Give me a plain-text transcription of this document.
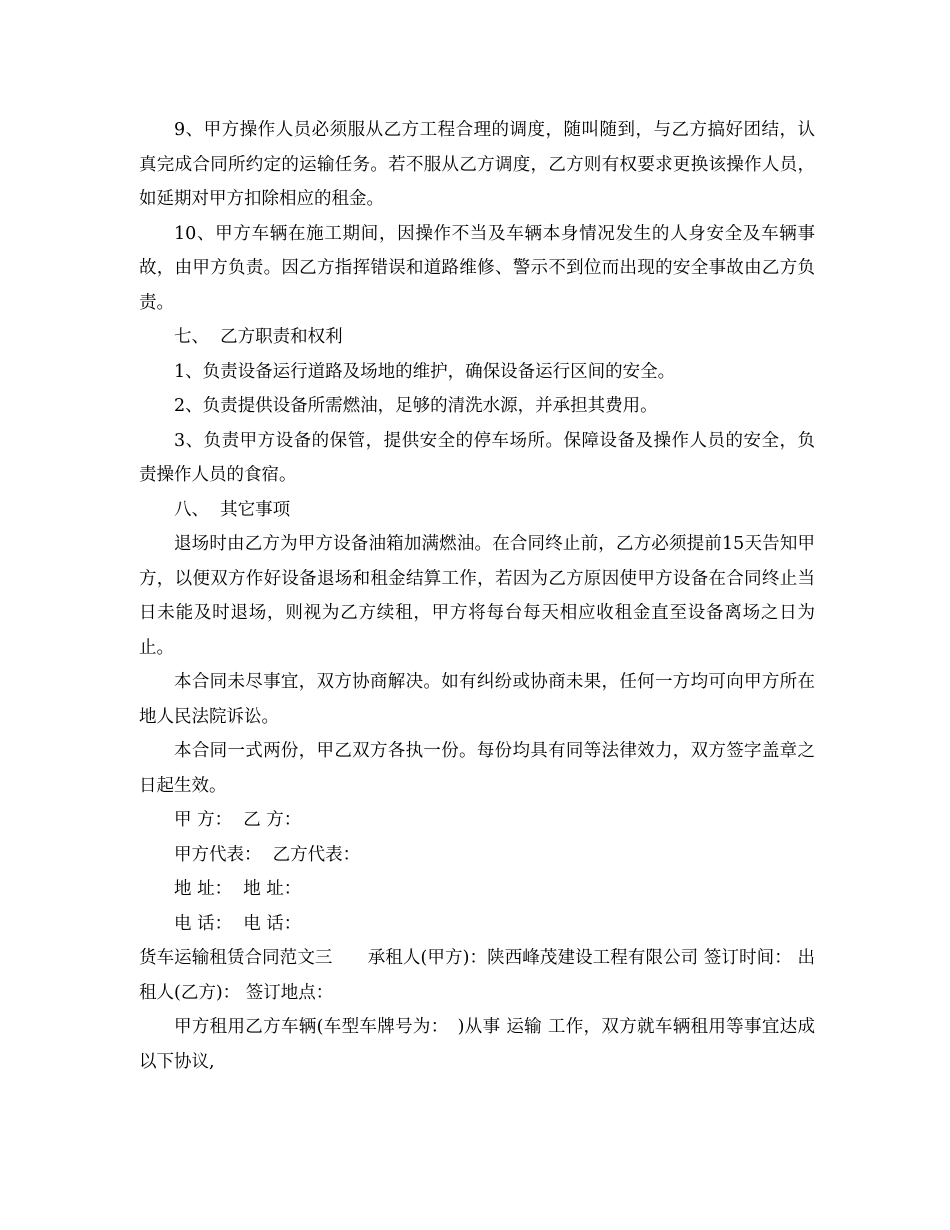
9、甲方操作人员必须服从乙方工程合理的调度，随叫随到，与乙方搞好团结，认真完成合同所约定的运输任务。若不服从乙方调度，乙方则有权要求更换该操作人员，如延期对甲方扣除相应的租金。

10、甲方车辆在施工期间，因操作不当及车辆本身情况发生的人身安全及车辆事故，由甲方负责。因乙方指挥错误和道路维修、警示不到位而出现的安全事故由乙方负责。

七、  乙方职责和权利

1、负责设备运行道路及场地的维护，确保设备运行区间的安全。

2、负责提供设备所需燃油，足够的清洗水源，并承担其费用。

3、负责甲方设备的保管，提供安全的停车场所。保障设备及操作人员的安全，负责操作人员的食宿。

八、  其它事项

退场时由乙方为甲方设备油箱加满燃油。在合同终止前，乙方必须提前15天告知甲方，以便双方作好设备退场和租金结算工作，若因为乙方原因使甲方设备在合同终止当日未能及时退场，则视为乙方续租，甲方将每台每天相应收租金直至设备离场之日为止。

本合同未尽事宜，双方协商解决。如有纠纷或协商未果，任何一方均可向甲方所在地人民法院诉讼。

本合同一式两份，甲乙双方各执一份。每份均具有同等法律效力，双方签字盖章之日起生效。

甲 方：  乙 方：

甲方代表：  乙方代表：

地 址：  地 址：

电 话：  电 话：

货车运输租赁合同范文三　　承租人(甲方)：陕西峰茂建设工程有限公司 签订时间： 出租人(乙方)： 签订地点：

甲方租用乙方车辆(车型车牌号为：　)从事 运输 工作，双方就车辆租用等事宜达成以下协议,
